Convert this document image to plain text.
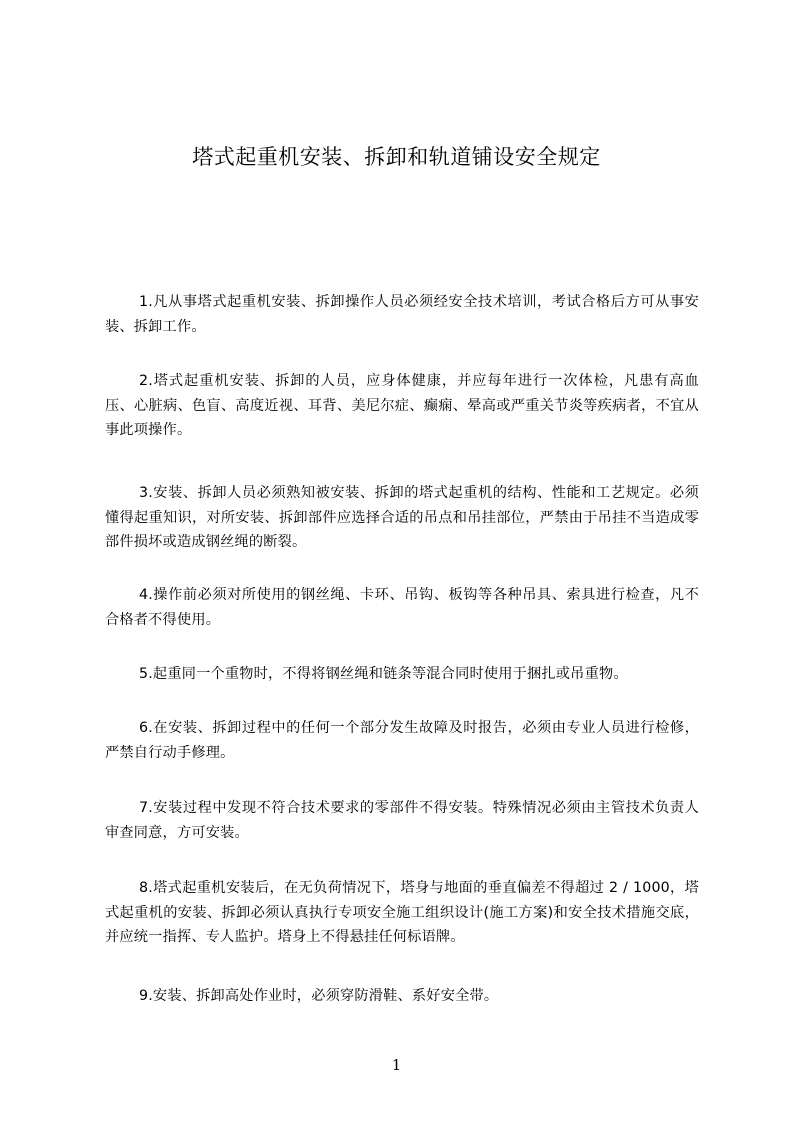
塔式起重机安装、拆卸和轨道铺设安全规定

1.凡从事塔式起重机安装、拆卸操作人员必须经安全技术培训，考试合格后方可从事安装、拆卸工作。

2.塔式起重机安装、拆卸的人员，应身体健康，并应每年进行一次体检，凡患有高血压、心脏病、色盲、高度近视、耳背、美尼尔症、癫痫、晕高或严重关节炎等疾病者，不宜从事此项操作。

3.安装、拆卸人员必须熟知被安装、拆卸的塔式起重机的结构、性能和工艺规定。必须懂得起重知识，对所安装、拆卸部件应选择合适的吊点和吊挂部位，严禁由于吊挂不当造成零部件损坏或造成钢丝绳的断裂。

4.操作前必须对所使用的钢丝绳、卡环、吊钩、板钩等各种吊具、索具进行检查，凡不合格者不得使用。

5.起重同一个重物时，不得将钢丝绳和链条等混合同时使用于捆扎或吊重物。

6.在安装、拆卸过程中的任何一个部分发生故障及时报告，必须由专业人员进行检修，严禁自行动手修理。

7.安装过程中发现不符合技术要求的零部件不得安装。特殊情况必须由主管技术负责人审查同意，方可安装。

8.塔式起重机安装后，在无负荷情况下，塔身与地面的垂直偏差不得超过 2 / 1000，塔式起重机的安装、拆卸必须认真执行专项安全施工组织设计(施工方案)和安全技术措施交底，并应统一指挥、专人监护。塔身上不得悬挂任何标语牌。

9.安装、拆卸高处作业时，必须穿防滑鞋、系好安全带。

1
